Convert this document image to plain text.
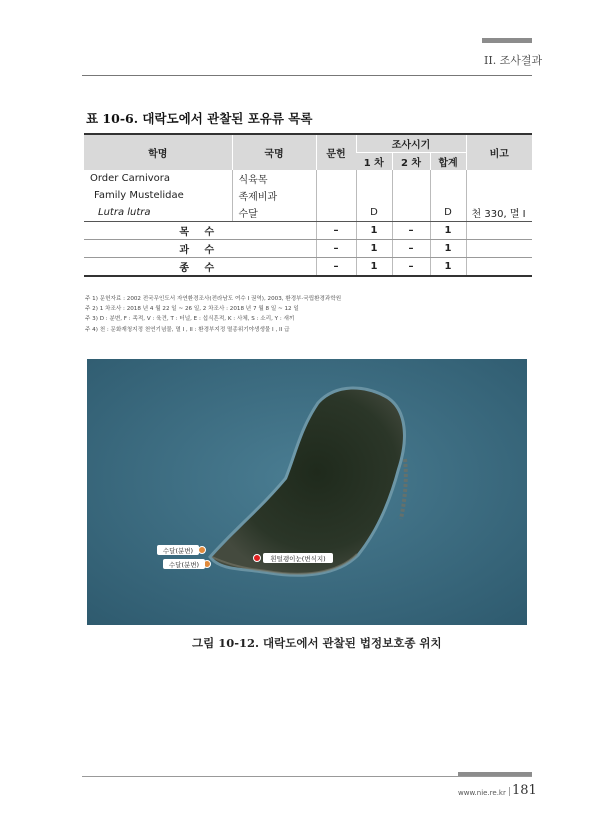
II. 조사결과
표 10-6. 대락도에서 관찰된 포유류 목록
학명	국명	문헌	조사시기			비고
			1 차	2 차	합계	
Order Carnivora	식육목					
Family Mustelidae	족제비과					
Lutra lutra	수달		D		D	천 330, 멸 I
목 수		–	1	–	1	
과 수		–	1	–	1	
종 수		–	1	–	1	
주 1) 문헌자료 : 2002 전국무인도서 자연환경조사(전라남도 여수 I 권역), 2003, 환경부·국립환경과학원
주 2) 1 차조사 : 2018 년 4 월 22 일 ~ 26 일, 2 차조사 : 2018 년 7 월 8 일 ~ 12 일
주 3) D : 분변, F : 족적, V : 육견, T : 터널, E : 섭식흔적, K : 사체, S : 소리, Y : 새끼
주 4) 천 : 문화재청지정 천연기념물, 멸 I , II : 환경부지정 멸종위기야생생물 I , II 급
수달(분변)
수달(분변)
흰털괭이눈(변식지)
그림 10-12. 대락도에서 관찰된 법정보호종 위치
www.nie.re.kr | 181
